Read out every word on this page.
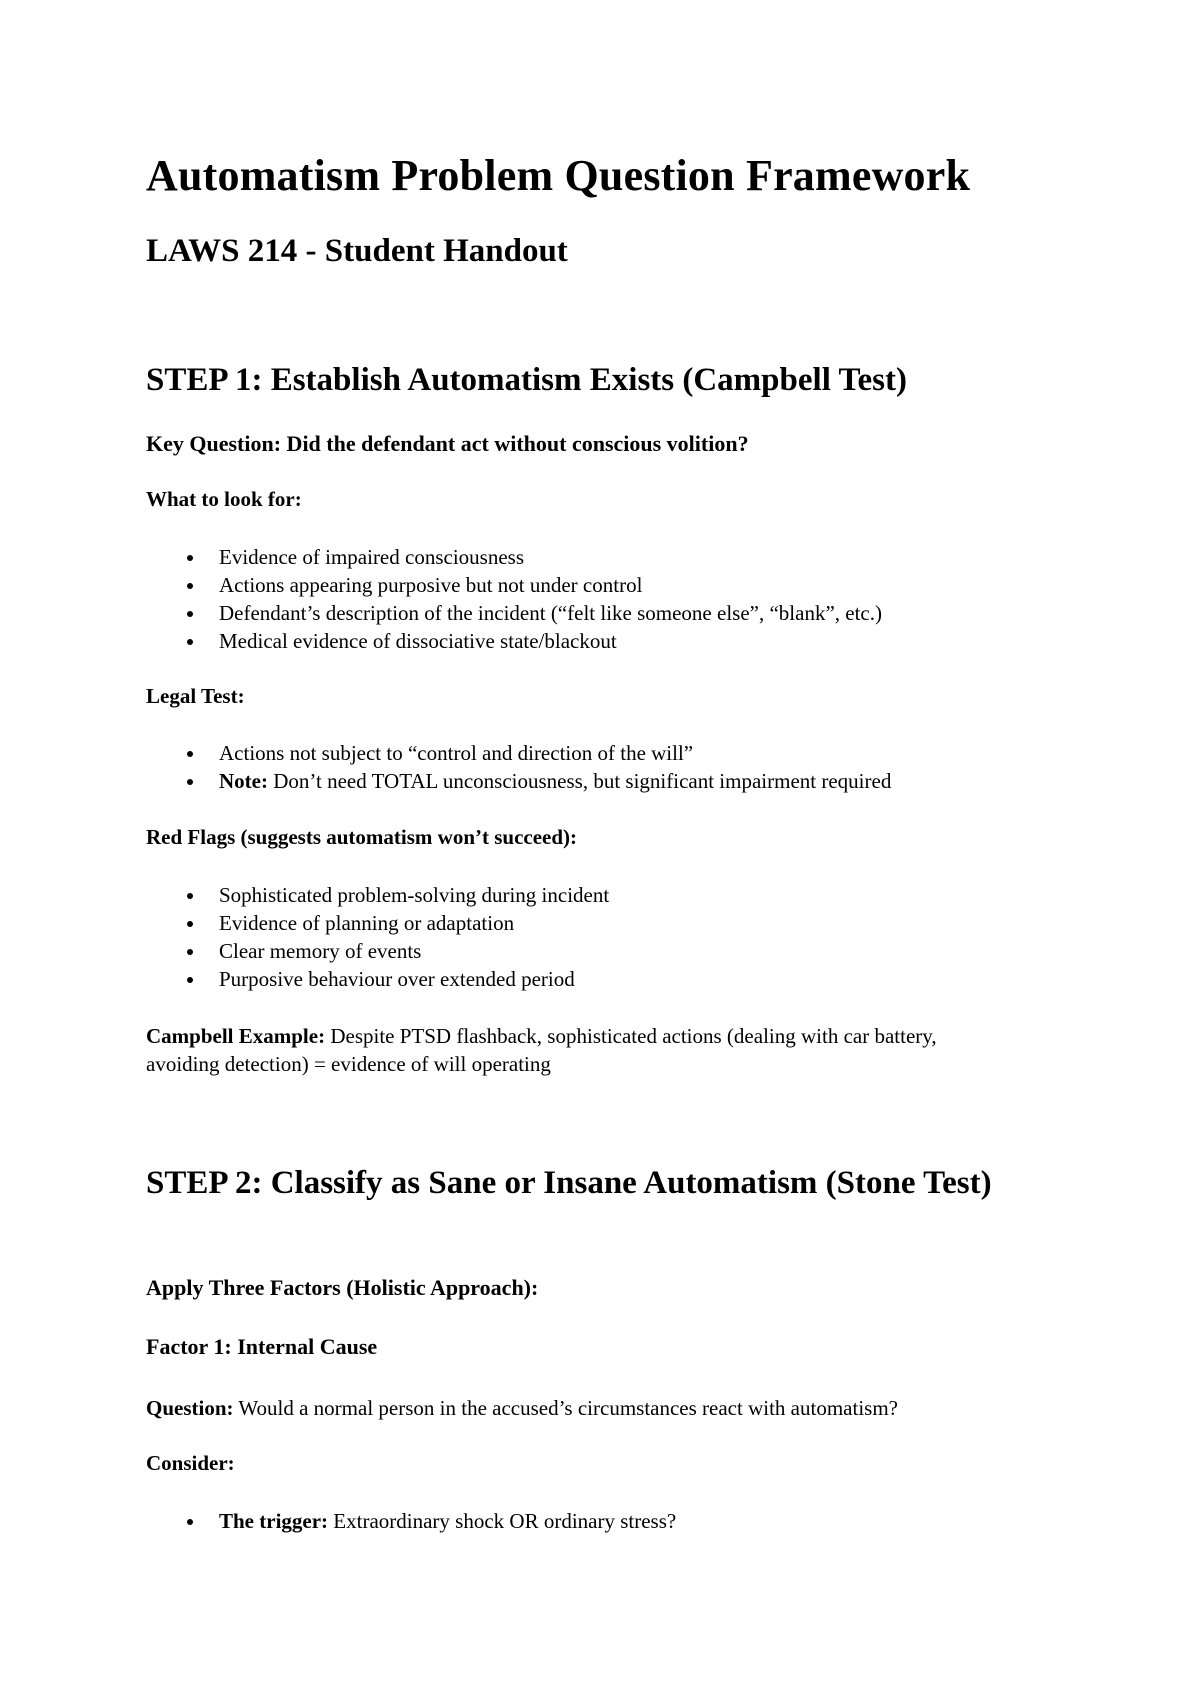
Automatism Problem Question Framework
LAWS 214 - Student Handout
STEP 1: Establish Automatism Exists (Campbell Test)
Key Question: Did the defendant act without conscious volition?
What to look for:
Evidence of impaired consciousness
Actions appearing purposive but not under control
Defendant’s description of the incident (“felt like someone else”, “blank”, etc.)
Medical evidence of dissociative state/blackout
Legal Test:
Actions not subject to “control and direction of the will”
Note: Don’t need TOTAL unconsciousness, but significant impairment required
Red Flags (suggests automatism won’t succeed):
Sophisticated problem-solving during incident
Evidence of planning or adaptation
Clear memory of events
Purposive behaviour over extended period
Campbell Example: Despite PTSD flashback, sophisticated actions (dealing with car battery, avoiding detection) = evidence of will operating
STEP 2: Classify as Sane or Insane Automatism (Stone Test)
Apply Three Factors (Holistic Approach):
Factor 1: Internal Cause
Question: Would a normal person in the accused’s circumstances react with automatism?
Consider:
The trigger: Extraordinary shock OR ordinary stress?
